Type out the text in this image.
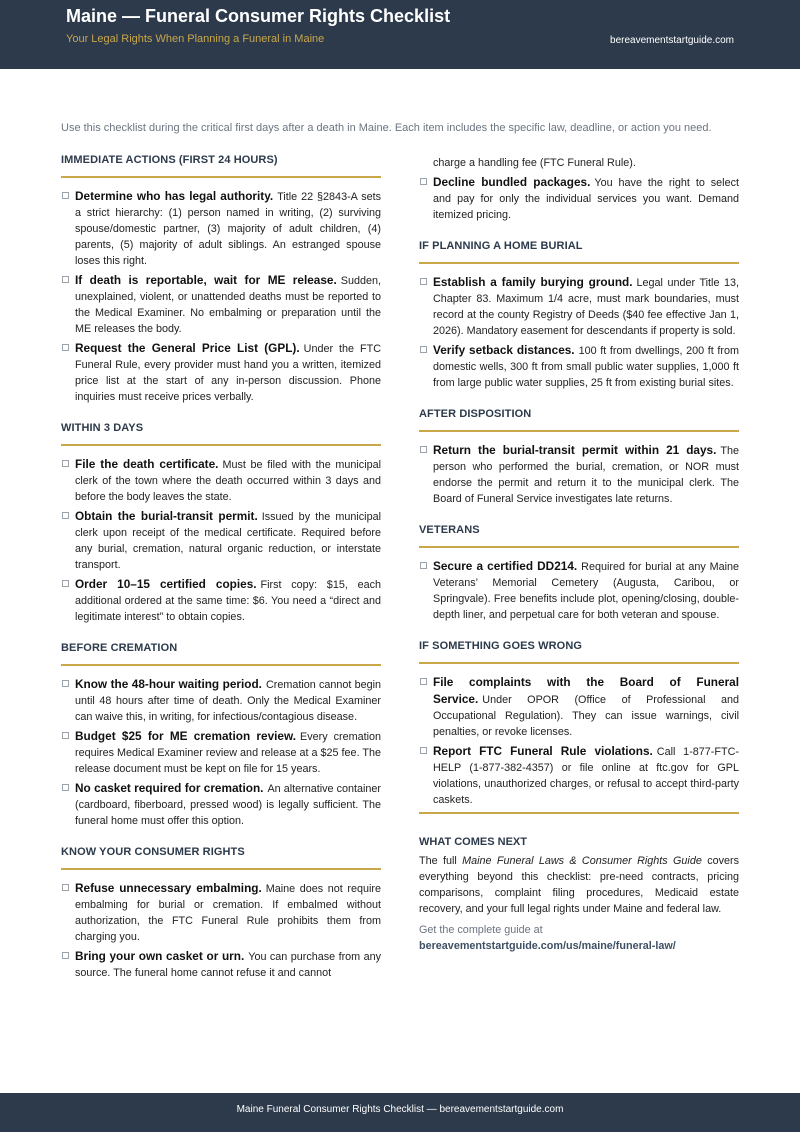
Maine — Funeral Consumer Rights Checklist
Your Legal Rights When Planning a Funeral in Maine	bereavementstartguide.com
Use this checklist during the critical first days after a death in Maine. Each item includes the specific law, deadline, or action you need.
IMMEDIATE ACTIONS (FIRST 24 HOURS)
Determine who has legal authority. Title 22 §2843-A sets a strict hierarchy: (1) person named in writing, (2) surviving spouse/domestic partner, (3) majority of adult children, (4) parents, (5) majority of adult siblings. An estranged spouse loses this right.
If death is reportable, wait for ME release. Sudden, unexplained, violent, or unattended deaths must be reported to the Medical Examiner. No embalming or preparation until the ME releases the body.
Request the General Price List (GPL). Under the FTC Funeral Rule, every provider must hand you a written, itemized price list at the start of any in-person discussion. Phone inquiries must receive prices verbally.
WITHIN 3 DAYS
File the death certificate. Must be filed with the municipal clerk of the town where the death occurred within 3 days and before the body leaves the state.
Obtain the burial-transit permit. Issued by the municipal clerk upon receipt of the medical certificate. Required before any burial, cremation, natural organic reduction, or interstate transport.
Order 10–15 certified copies. First copy: $15, each additional ordered at the same time: $6. You need a “direct and legitimate interest” to obtain copies.
BEFORE CREMATION
Know the 48-hour waiting period. Cremation cannot begin until 48 hours after time of death. Only the Medical Examiner can waive this, in writing, for infectious/contagious disease.
Budget $25 for ME cremation review. Every cremation requires Medical Examiner review and release at a $25 fee. The release document must be kept on file for 15 years.
No casket required for cremation. An alternative container (cardboard, fiberboard, pressed wood) is legally sufficient. The funeral home must offer this option.
KNOW YOUR CONSUMER RIGHTS
Refuse unnecessary embalming. Maine does not require embalming for burial or cremation. If embalmed without authorization, the FTC Funeral Rule prohibits them from charging you.
Bring your own casket or urn. You can purchase from any source. The funeral home cannot refuse it and cannot
charge a handling fee (FTC Funeral Rule).
Decline bundled packages. You have the right to select and pay for only the individual services you want. Demand itemized pricing.
IF PLANNING A HOME BURIAL
Establish a family burying ground. Legal under Title 13, Chapter 83. Maximum 1/4 acre, must mark boundaries, must record at the county Registry of Deeds ($40 fee effective Jan 1, 2026). Mandatory easement for descendants if property is sold.
Verify setback distances. 100 ft from dwellings, 200 ft from domestic wells, 300 ft from small public water supplies, 1,000 ft from large public water supplies, 25 ft from existing burial sites.
AFTER DISPOSITION
Return the burial-transit permit within 21 days. The person who performed the burial, cremation, or NOR must endorse the permit and return it to the municipal clerk. The Board of Funeral Service investigates late returns.
VETERANS
Secure a certified DD214. Required for burial at any Maine Veterans’ Memorial Cemetery (Augusta, Caribou, or Springvale). Free benefits include plot, opening/closing, double-depth liner, and perpetual care for both veteran and spouse.
IF SOMETHING GOES WRONG
File complaints with the Board of Funeral Service. Under OPOR (Office of Professional and Occupational Regulation). They can issue warnings, civil penalties, or revoke licenses.
Report FTC Funeral Rule violations. Call 1-877-FTC-HELP (1-877-382-4357) or file online at ftc.gov for GPL violations, unauthorized charges, or refusal to accept third-party caskets.
WHAT COMES NEXT
The full Maine Funeral Laws & Consumer Rights Guide covers everything beyond this checklist: pre-need contracts, pricing comparisons, complaint filing procedures, Medicaid estate recovery, and your full legal rights under Maine and federal law.
Get the complete guide at
bereavementstartguide.com/us/maine/funeral-law/
Maine Funeral Consumer Rights Checklist — bereavementstartguide.com
